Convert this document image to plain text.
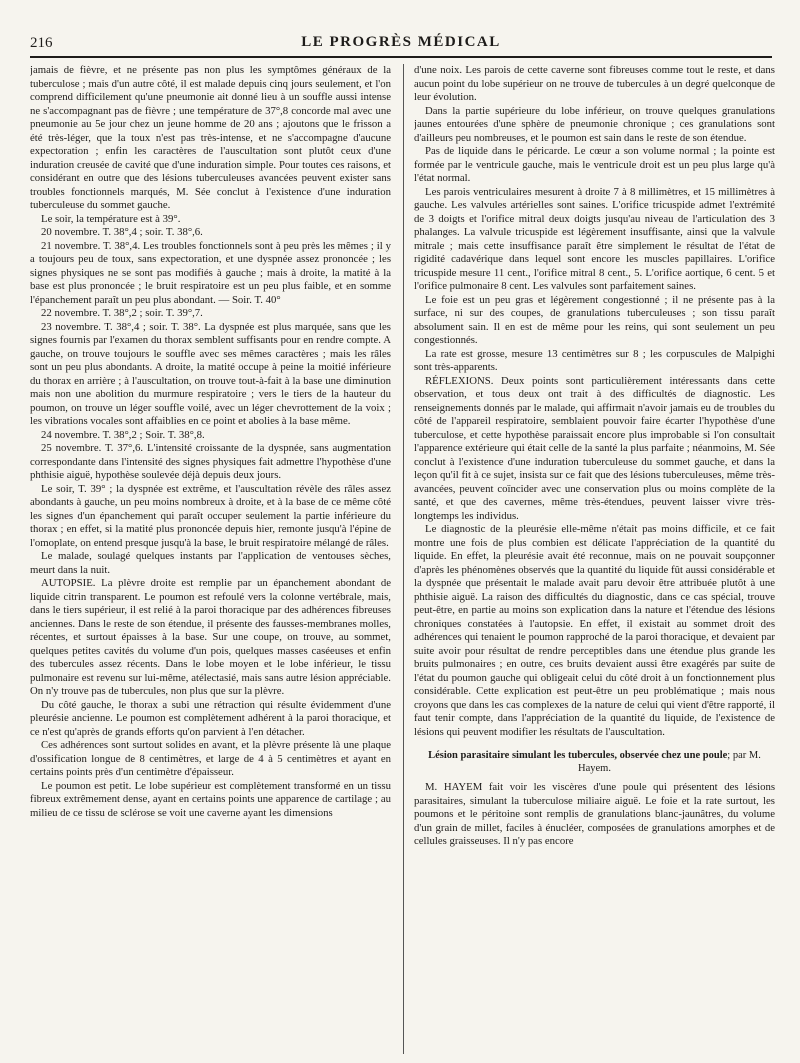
216	LE PROGRÈS MÉDICAL

jamais de fièvre, et ne présente pas non plus les symptômes généraux de la tuberculose ; mais d'un autre côté, il est malade depuis cinq jours seulement, et l'on comprend difficilement qu'une pneumonie ait donné lieu à un souffle aussi intense ne s'accompagnant pas de fièvre ; une température de 37°,8 concorde mal avec une pneumonie au 5e jour chez un jeune homme de 20 ans ; ajoutons que le frisson a été très-léger, que la toux n'est pas très-intense, et ne s'accompagne d'aucune expectoration ; enfin les caractères de l'auscultation sont plutôt ceux d'une induration creusée de cavité que d'une induration simple. Pour toutes ces raisons, et considérant en outre que des lésions tuberculeuses avancées peuvent exister sans troubles fonctionnels marqués, M. Sée conclut à l'existence d'une induration tuberculeuse du sommet gauche.

Le soir, la température est à 39°.

20 novembre. T. 38°,4 ; soir. T. 38°,6.

21 novembre. T. 38°,4. Les troubles fonctionnels sont à peu près les mêmes ; il y a toujours peu de toux, sans expectoration, et une dyspnée assez prononcée ; les signes physiques ne se sont pas modifiés à gauche ; mais à droite, la matité à la base est plus prononcée ; le bruit respiratoire est un peu plus faible, et en somme l'épanchement paraît un peu plus abondant. — Soir. T. 40°

22 novembre. T. 38°,2 ; soir. T. 39°,7.

23 novembre. T. 38°,4 ; soir. T. 38°. La dyspnée est plus marquée, sans que les signes fournis par l'examen du thorax semblent suffisants pour en rendre compte. A gauche, on trouve toujours le souffle avec ses mêmes caractères ; mais les râles sont un peu plus abondants. A droite, la matité occupe à peine la moitié inférieure du thorax en arrière ; à l'auscultation, on trouve tout-à-fait à la base une diminution mais non une abolition du murmure respiratoire ; vers le tiers de la hauteur du poumon, on trouve un léger souffle voilé, avec un léger chevrottement de la voix ; les vibrations vocales sont affaiblies en ce point et abolies à la base même.

24 novembre. T. 38°,2 ; Soir. T. 38°,8.

25 novembre. T. 37°,6. L'intensité croissante de la dyspnée, sans augmentation correspondante dans l'intensité des signes physiques fait admettre l'hypothèse d'une phthisie aiguë, hypothèse soulevée déjà depuis deux jours.

Le soir, T. 39° ; la dyspnée est extrême, et l'auscultation révèle des râles assez abondants à gauche, un peu moins nombreux à droite, et à la base de ce même côté les signes d'un épanchement qui paraît occuper seulement la partie inférieure du thorax ; en effet, si la matité plus prononcée depuis hier, remonte jusqu'à l'épine de l'omoplate, on entend presque jusqu'à la base, le bruit respiratoire mélangé de râles.

Le malade, soulagé quelques instants par l'application de ventouses sèches, meurt dans la nuit.

AUTOPSIE. La plèvre droite est remplie par un épanchement abondant de liquide citrin transparent. Le poumon est refoulé vers la colonne vertébrale, mais, dans le tiers supérieur, il est relié à la paroi thoracique par des adhérences fibreuses anciennes. Dans le reste de son étendue, il présente des fausses-membranes molles, récentes, et surtout épaisses à la base. Sur une coupe, on trouve, au sommet, quelques petites cavités du volume d'un pois, quelques masses caséeuses et enfin des tubercules assez récents. Dans le lobe moyen et le lobe inférieur, le tissu pulmonaire est revenu sur lui-même, atélectasié, mais sans autre lésion appréciable. On n'y trouve pas de tubercules, non plus que sur la plèvre.

Du côté gauche, le thorax a subi une rétraction qui résulte évidemment d'une pleurésie ancienne. Le poumon est complètement adhérent à la paroi thoracique, et ce n'est qu'après de grands efforts qu'on parvient à l'en détacher.

Ces adhérences sont surtout solides en avant, et la plèvre présente là une plaque d'ossification longue de 8 centimètres, et large de 4 à 5 centimètres et ayant en certains points près d'un centimètre d'épaisseur.

Le poumon est petit. Le lobe supérieur est complètement transformé en un tissu fibreux extrêmement dense, ayant en certains points une apparence de cartilage ; au milieu de ce tissu de sclérose se voit une caverne ayant les dimensions

d'une noix. Les parois de cette caverne sont fibreuses comme tout le reste, et dans aucun point du lobe supérieur on ne trouve de tubercules à un degré quelconque de leur évolution.

Dans la partie supérieure du lobe inférieur, on trouve quelques granulations jaunes entourées d'une sphère de pneumonie chronique ; ces granulations sont d'ailleurs peu nombreuses, et le poumon est sain dans le reste de son étendue.

Pas de liquide dans le péricarde. Le cœur a son volume normal ; la pointe est formée par le ventricule gauche, mais le ventricule droit est un peu plus large qu'à l'état normal.

Les parois ventriculaires mesurent à droite 7 à 8 millimètres, et 15 millimètres à gauche. Les valvules artérielles sont saines. L'orifice tricuspide admet l'extrémité de 3 doigts et l'orifice mitral deux doigts jusqu'au niveau de l'articulation des 3 phalanges. La valvule tricuspide est légèrement insuffisante, ainsi que la valvule mitrale ; mais cette insuffisance paraît être simplement le résultat de l'état de rigidité cadavérique dans lequel sont encore les muscles papillaires. L'orifice tricuspide mesure 11 cent., l'orifice mitral 8 cent., 5. L'orifice aortique, 6 cent. 5 et l'orifice pulmonaire 8 cent. Les valvules sont parfaitement saines.

Le foie est un peu gras et légèrement congestionné ; il ne présente pas à la surface, ni sur des coupes, de granulations tuberculeuses ; son tissu paraît absolument sain. Il en est de même pour les reins, qui sont seulement un peu congestionnés.

La rate est grosse, mesure 13 centimètres sur 8 ; les corpuscules de Malpighi sont très-apparents.

RÉFLEXIONS. Deux points sont particulièrement intéressants dans cette observation, et tous deux ont trait à des difficultés de diagnostic. Les renseignements donnés par le malade, qui affirmait n'avoir jamais eu de troubles du côté de l'appareil respiratoire, semblaient pouvoir faire écarter l'hypothèse d'une tuberculose, et cette hypothèse paraissait encore plus improbable si l'on consultait l'apparence extérieure qui était celle de la santé la plus parfaite ; néanmoins, M. Sée conclut à l'existence d'une induration tuberculeuse du sommet gauche, et dans la leçon qu'il fit à ce sujet, insista sur ce fait que des lésions tuberculeuses, même très-avancées, peuvent coïncider avec une conservation plus ou moins complète de la santé, et que des cavernes, même très-étendues, peuvent laisser vivre très-longtemps les individus.

Le diagnostic de la pleurésie elle-même n'était pas moins difficile, et ce fait montre une fois de plus combien est délicate l'appréciation de la quantité du liquide. En effet, la pleurésie avait été reconnue, mais on ne pouvait soupçonner d'après les phénomènes observés que la quantité du liquide fût aussi considérable et la dyspnée que présentait le malade avait paru devoir être attribuée plutôt à une phthisie aiguë. La raison des difficultés du diagnostic, dans ce cas spécial, trouve peut-être, en partie au moins son explication dans la nature et l'étendue des lésions chroniques constatées à l'autopsie. En effet, il existait au sommet droit des adhérences qui tenaient le poumon rapproché de la paroi thoracique, et devaient par suite avoir pour résultat de rendre perceptibles dans une étendue plus grande les bruits pulmonaires ; en outre, ces bruits devaient aussi être exagérés par suite de l'état du poumon gauche qui obligeait celui du côté droit à un fonctionnement plus considérable. Cette explication est peut-être un peu problématique ; mais nous croyons que dans les cas complexes de la nature de celui qui vient d'être rapporté, il faut tenir compte, dans l'appréciation de la quantité du liquide, de l'existence de lésions qui peuvent modifier les résultats de l'auscultation.

Lésion parasitaire simulant les tubercules, observée chez une poule; par M. Hayem.

M. HAYEM fait voir les viscères d'une poule qui présentent des lésions parasitaires, simulant la tuberculose miliaire aiguë. Le foie et la rate surtout, les poumons et le péritoine sont remplis de granulations blanc-jaunâtres, du volume d'un grain de millet, faciles à énucléer, composées de granulations amorphes et de cellules graisseuses. Il n'y pas encore
